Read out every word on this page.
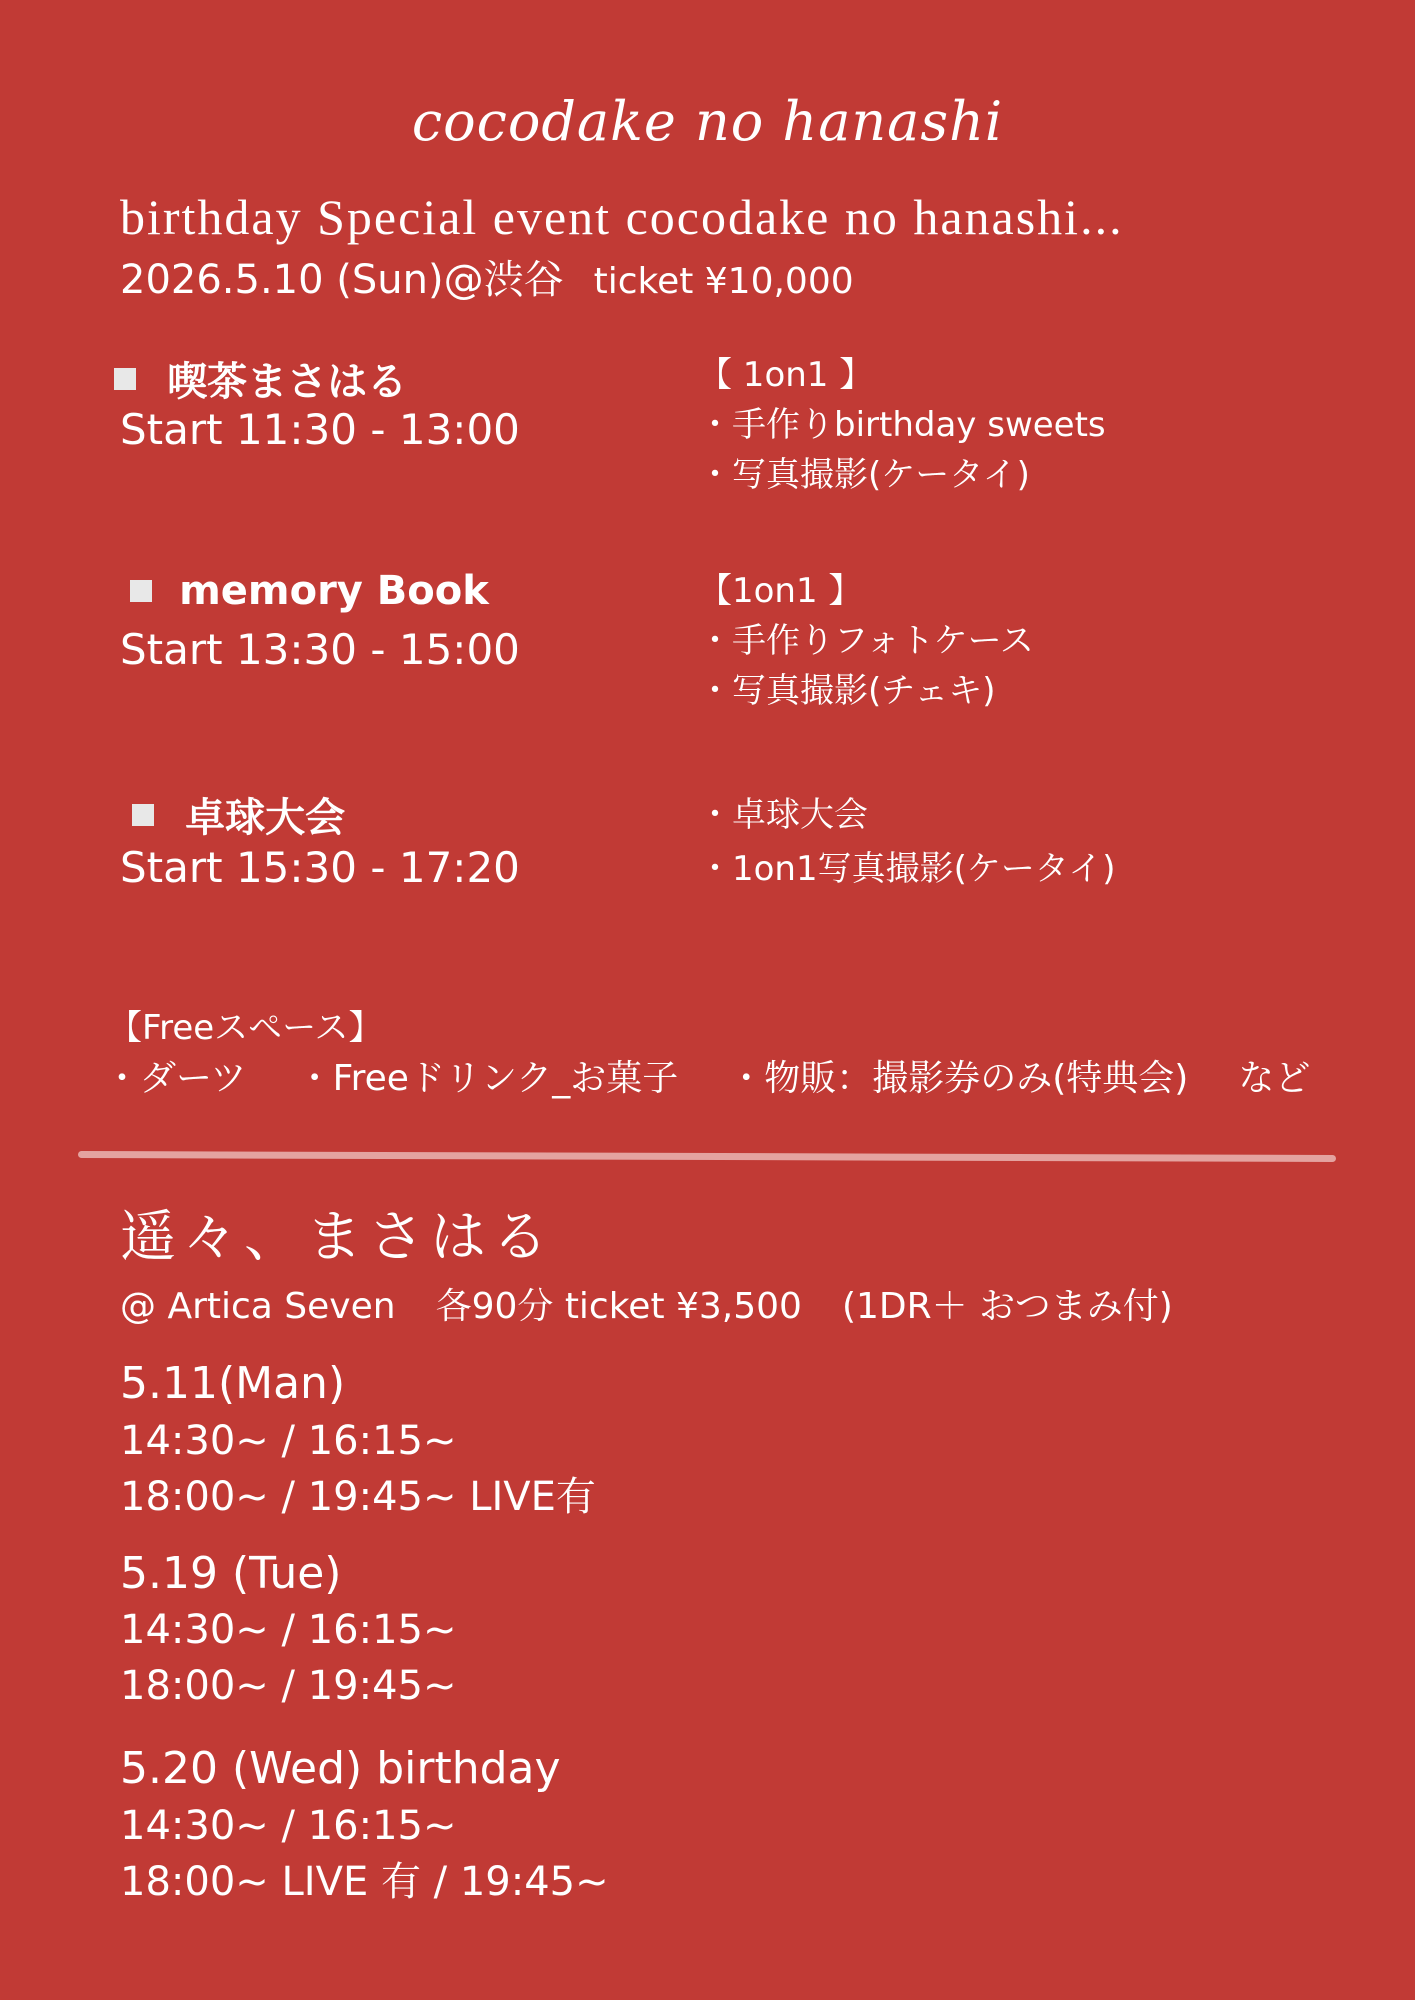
cocodake no hanashi
birthday Special event cocodake no hanashi...
2026.5.10 (Sun)@渋谷 ticket ¥10,000
喫茶まさはる
Start 11:30 - 13:00
【 1on1 】
・手作りbirthday sweets
・写真撮影(ケータイ)
memory Book
Start 13:30 - 15:00
【1on1 】
・手作りフォトケース
・写真撮影(チェキ)
卓球大会
Start 15:30 - 17:20
・卓球大会
・1on1写真撮影(ケータイ)
【Freeスペース】
・ダーツ ・Freeドリンク_お菓子 ・物販：撮影券のみ(特典会) など
遥々、まさはる
@ Artica Seven 各90分 ticket ¥3,500 (1DR＋ おつまみ付)
5.11(Man)
14:30~ / 16:15~
18:00~ / 19:45~ LIVE有
5.19 (Tue)
14:30~ / 16:15~
18:00~ / 19:45~
5.20 (Wed) birthday
14:30~ / 16:15~
18:00~ LIVE 有 / 19:45~
